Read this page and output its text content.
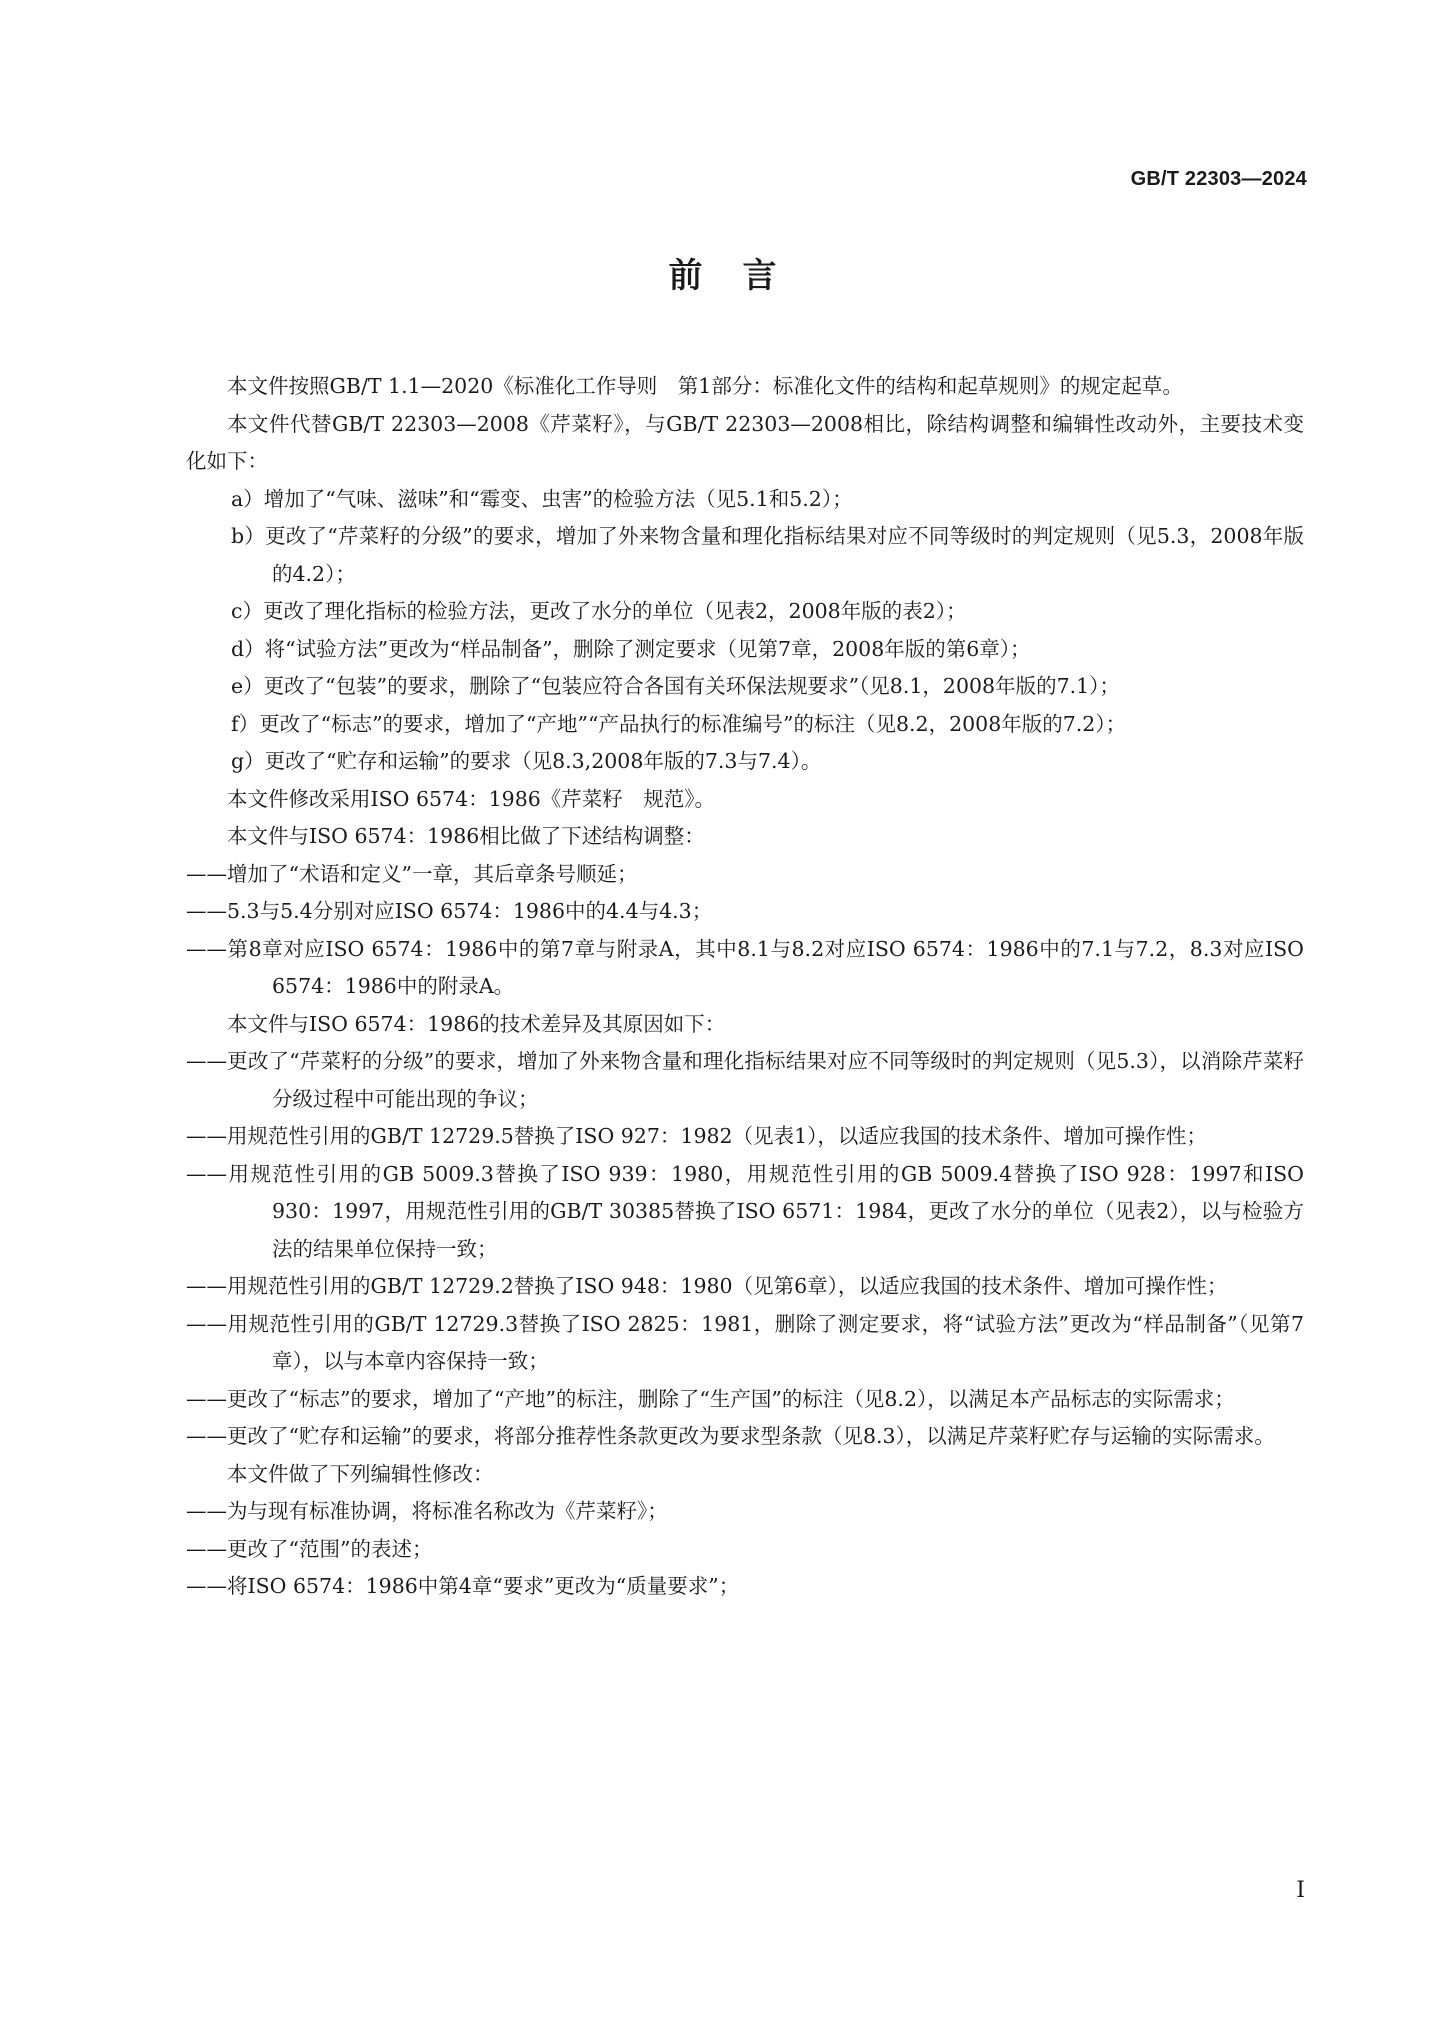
GB/T 22303—2024
前言

本文件按照GB/T 1.1—2020《标准化工作导则　第1部分：标准化文件的结构和起草规则》的规定起草。

本文件代替GB/T 22303—2008《芹菜籽》，与GB/T 22303—2008相比，除结构调整和编辑性改动外，主要技术变化如下：

a）增加了“气味、滋味”和“霉变、虫害”的检验方法（见5.1和5.2）；

b）更改了“芹菜籽的分级”的要求，增加了外来物含量和理化指标结果对应不同等级时的判定规则（见5.3，2008年版的4.2）；

c）更改了理化指标的检验方法，更改了水分的单位（见表2，2008年版的表2）；

d）将“试验方法”更改为“样品制备”，删除了测定要求（见第7章，2008年版的第6章）；

e）更改了“包装”的要求，删除了“包装应符合各国有关环保法规要求”（见8.1，2008年版的7.1）；

f）更改了“标志”的要求，增加了“产地”“产品执行的标准编号”的标注（见8.2，2008年版的7.2）；

g）更改了“贮存和运输”的要求（见8.3,2008年版的7.3与7.4）。

本文件修改采用ISO 6574：1986《芹菜籽　规范》。

本文件与ISO 6574：1986相比做了下述结构调整：

——增加了“术语和定义”一章，其后章条号顺延；

——5.3与5.4分别对应ISO 6574：1986中的4.4与4.3；

——第8章对应ISO 6574：1986中的第7章与附录A，其中8.1与8.2对应ISO 6574：1986中的7.1与7.2，8.3对应ISO 6574：1986中的附录A。

本文件与ISO 6574：1986的技术差异及其原因如下：

——更改了“芹菜籽的分级”的要求，增加了外来物含量和理化指标结果对应不同等级时的判定规则（见5.3），以消除芹菜籽分级过程中可能出现的争议；

——用规范性引用的GB/T 12729.5替换了ISO 927：1982（见表1），以适应我国的技术条件、增加可操作性；

——用规范性引用的GB 5009.3替换了ISO 939：1980，用规范性引用的GB 5009.4替换了ISO 928：1997和ISO 930：1997，用规范性引用的GB/T 30385替换了ISO 6571：1984，更改了水分的单位（见表2），以与检验方法的结果单位保持一致；

——用规范性引用的GB/T 12729.2替换了ISO 948：1980（见第6章），以适应我国的技术条件、增加可操作性；

——用规范性引用的GB/T 12729.3替换了ISO 2825：1981，删除了测定要求，将“试验方法”更改为“样品制备”（见第7章），以与本章内容保持一致；

——更改了“标志”的要求，增加了“产地”的标注，删除了“生产国”的标注（见8.2），以满足本产品标志的实际需求；

——更改了“贮存和运输”的要求，将部分推荐性条款更改为要求型条款（见8.3），以满足芹菜籽贮存与运输的实际需求。

本文件做了下列编辑性修改：

——为与现有标准协调，将标准名称改为《芹菜籽》；

——更改了“范围”的表述；

——将ISO 6574：1986中第4章“要求”更改为“质量要求”；

I
